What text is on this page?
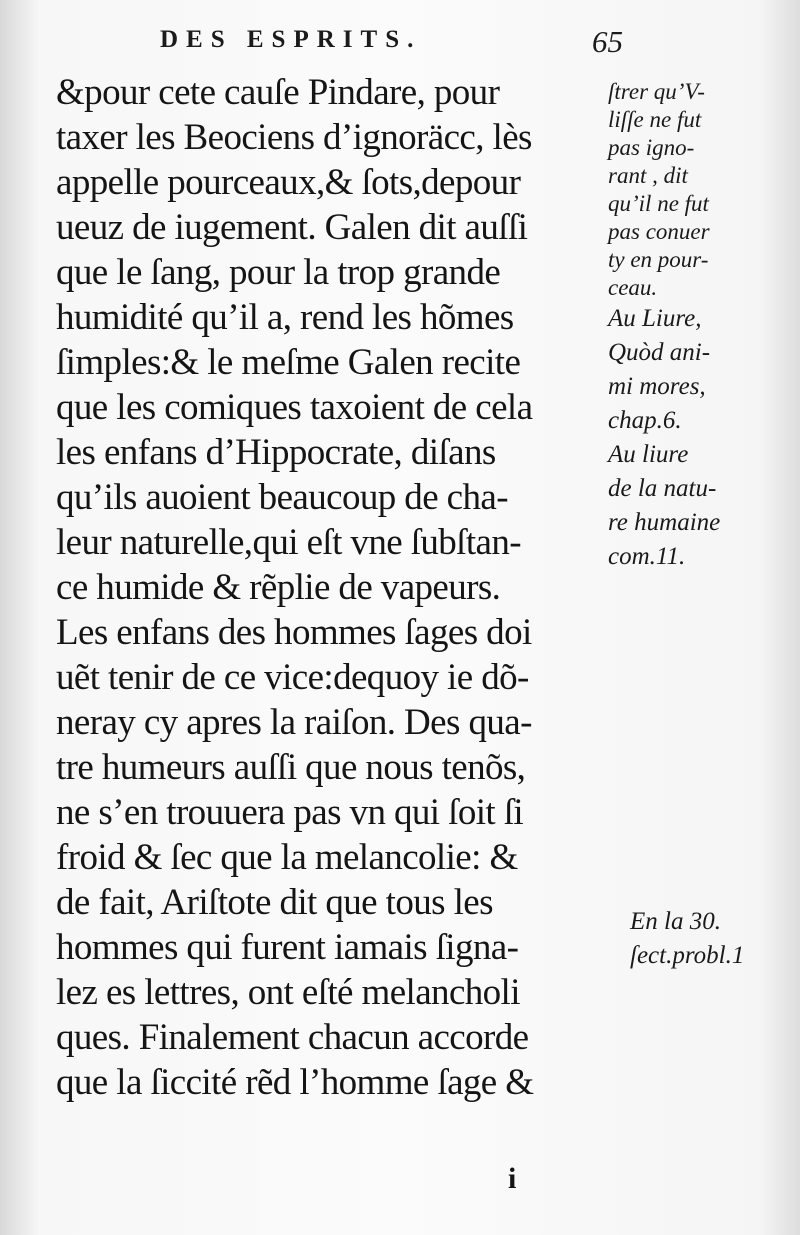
DES ESPRITS.	65
&pour cete cauſe Pindare, pour
taxer les Beociens d’ignoräcc, lès
appelle pourceaux,& ſots,depour
ueuz de iugement. Galen dit auſſi
que le ſang, pour la trop grande
humidité qu’il a, rend les hõmes
ſimples:& le meſme Galen recite
que les comiques taxoient de cela
les enfans d’Hippocrate, diſans
qu’ils auoient beaucoup de cha-
leur naturelle,qui eſt vne ſubſtan-
ce humide & rẽplie de vapeurs.
Les enfans des hommes ſages doi
uẽt tenir de ce vice:dequoy ie dõ-
neray cy apres la raiſon. Des qua-
tre humeurs auſſi que nous tenõs,
ne s’en trouuera pas vn qui ſoit ſi
froid & ſec que la melancolie: &
de fait, Ariſtote dit que tous les
hommes qui furent iamais ſigna-
lez es lettres, ont eſté melancholi
ques. Finalement chacun accorde
que la ſiccité rẽd l’homme ſage &
ſtrer qu’V-
liſſe ne fut
pas igno-
rant , dit
qu’il ne fut
pas conuer
ty en pour-
ceau.
Au Liure,
Quòd ani-
mi mores,
chap.6.
Au liure
de la natu-
re humaine
com.11.
En la 30.
ſect.probl.1
i
